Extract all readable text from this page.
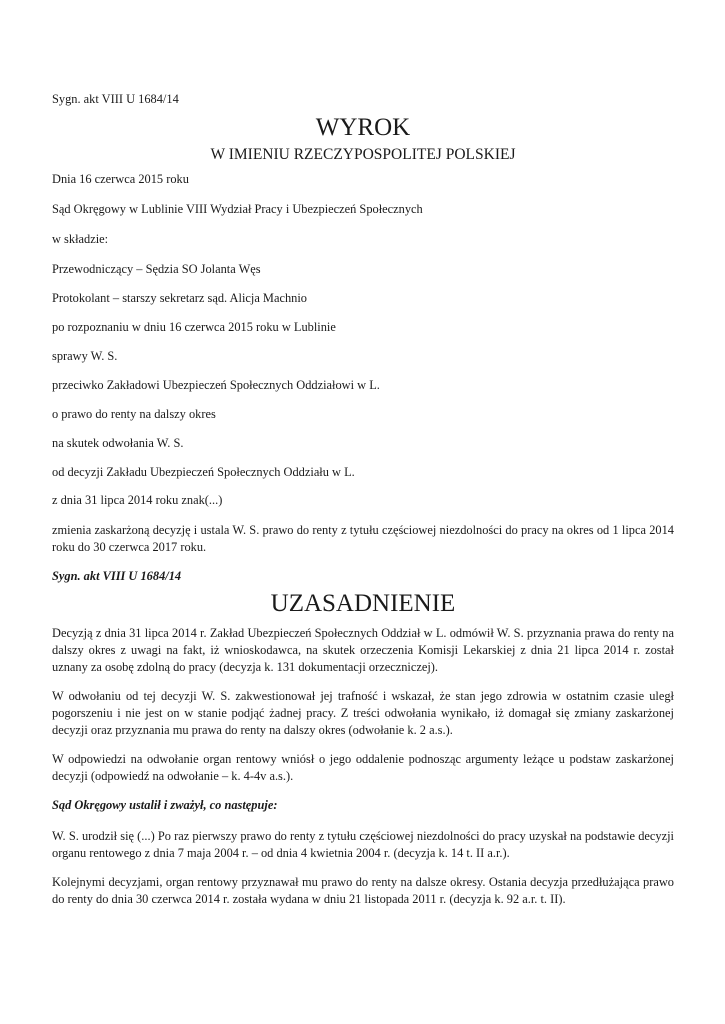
Sygn. akt VIII U 1684/14
WYROK
W IMIENIU RZECZYPOSPOLITEJ POLSKIEJ
Dnia 16 czerwca 2015 roku
Sąd Okręgowy w Lublinie VIII Wydział Pracy i Ubezpieczeń Społecznych
w składzie:
Przewodniczący – Sędzia SO Jolanta Węs
Protokolant – starszy sekretarz sąd. Alicja Machnio
po rozpoznaniu w dniu 16 czerwca 2015 roku w Lublinie
sprawy W. S.
przeciwko Zakładowi Ubezpieczeń Społecznych Oddziałowi w L.
o prawo do renty na dalszy okres
na skutek odwołania W. S.
od decyzji Zakładu Ubezpieczeń Społecznych Oddziału w L.
z dnia 31 lipca 2014 roku znak(...)
zmienia zaskarżoną decyzję i ustala W. S. prawo do renty z tytułu częściowej niezdolności do pracy na okres od 1 lipca 2014 roku do 30 czerwca 2017 roku.
Sygn. akt VIII U 1684/14
UZASADNIENIE
Decyzją z dnia 31 lipca 2014 r. Zakład Ubezpieczeń Społecznych Oddział w L. odmówił W. S. przyznania prawa do renty na dalszy okres z uwagi na fakt, iż wnioskodawca, na skutek orzeczenia Komisji Lekarskiej z dnia 21 lipca 2014 r. został uznany za osobę zdolną do pracy (decyzja k. 131 dokumentacji orzeczniczej).
W odwołaniu od tej decyzji W. S. zakwestionował jej trafność i wskazał, że stan jego zdrowia w ostatnim czasie uległ pogorszeniu i nie jest on w stanie podjąć żadnej pracy. Z treści odwołania wynikało, iż domagał się zmiany zaskarżonej decyzji oraz przyznania mu prawa do renty na dalszy okres (odwołanie k. 2 a.s.).
W odpowiedzi na odwołanie organ rentowy wniósł o jego oddalenie podnosząc argumenty leżące u podstaw zaskarżonej decyzji (odpowiedź na odwołanie – k. 4-4v a.s.).
Sąd Okręgowy ustalił i zważył, co następuje:
W. S. urodził się (...) Po raz pierwszy prawo do renty z tytułu częściowej niezdolności do pracy uzyskał na podstawie decyzji organu rentowego z dnia 7 maja 2004 r. – od dnia 4 kwietnia 2004 r. (decyzja k. 14 t. II a.r.).
Kolejnymi decyzjami, organ rentowy przyznawał mu prawo do renty na dalsze okresy. Ostania decyzja przedłużająca prawo do renty do dnia 30 czerwca 2014 r. została wydana w dniu 21 listopada 2011 r. (decyzja k. 92 a.r. t. II).
